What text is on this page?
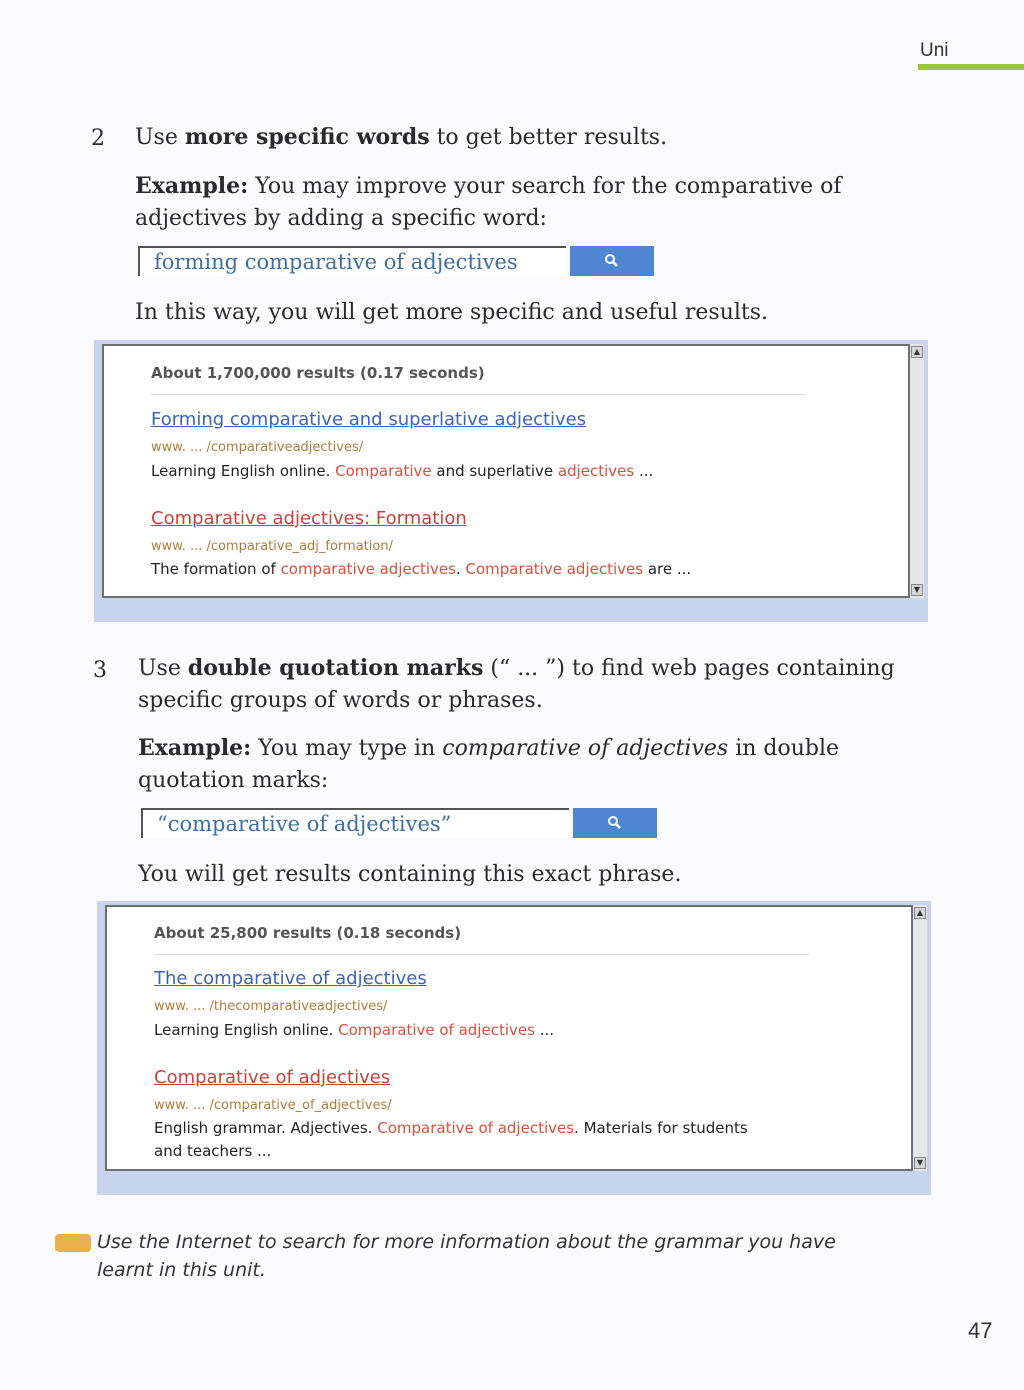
Uni
2 Use more specific words to get better results.
Example: You may improve your search for the comparative of
adjectives by adding a specific word:
forming comparative of adjectives
In this way, you will get more specific and useful results.
▲
▼
About 1,700,000 results (0.17 seconds)
Forming comparative and superlative adjectives
www. ... /comparativeadjectives/
Learning English online. Comparative and superlative adjectives ...
Comparative adjectives: Formation
www. ... /comparative_adj_formation/
The formation of comparative adjectives. Comparative adjectives are ...
3 Use double quotation marks (“ ... ”) to find web pages containing
specific groups of words or phrases.
Example: You may type in comparative of adjectives in double
quotation marks:
“comparative of adjectives”
You will get results containing this exact phrase.
▲
▼
About 25,800 results (0.18 seconds)
The comparative of adjectives
www. ... /thecomparativeadjectives/
Learning English online. Comparative of adjectives ...
Comparative of adjectives
www. ... /comparative_of_adjectives/
English grammar. Adjectives. Comparative of adjectives. Materials for students
and teachers ...
Use the Internet to search for more information about the grammar you have learnt in this unit.
47
